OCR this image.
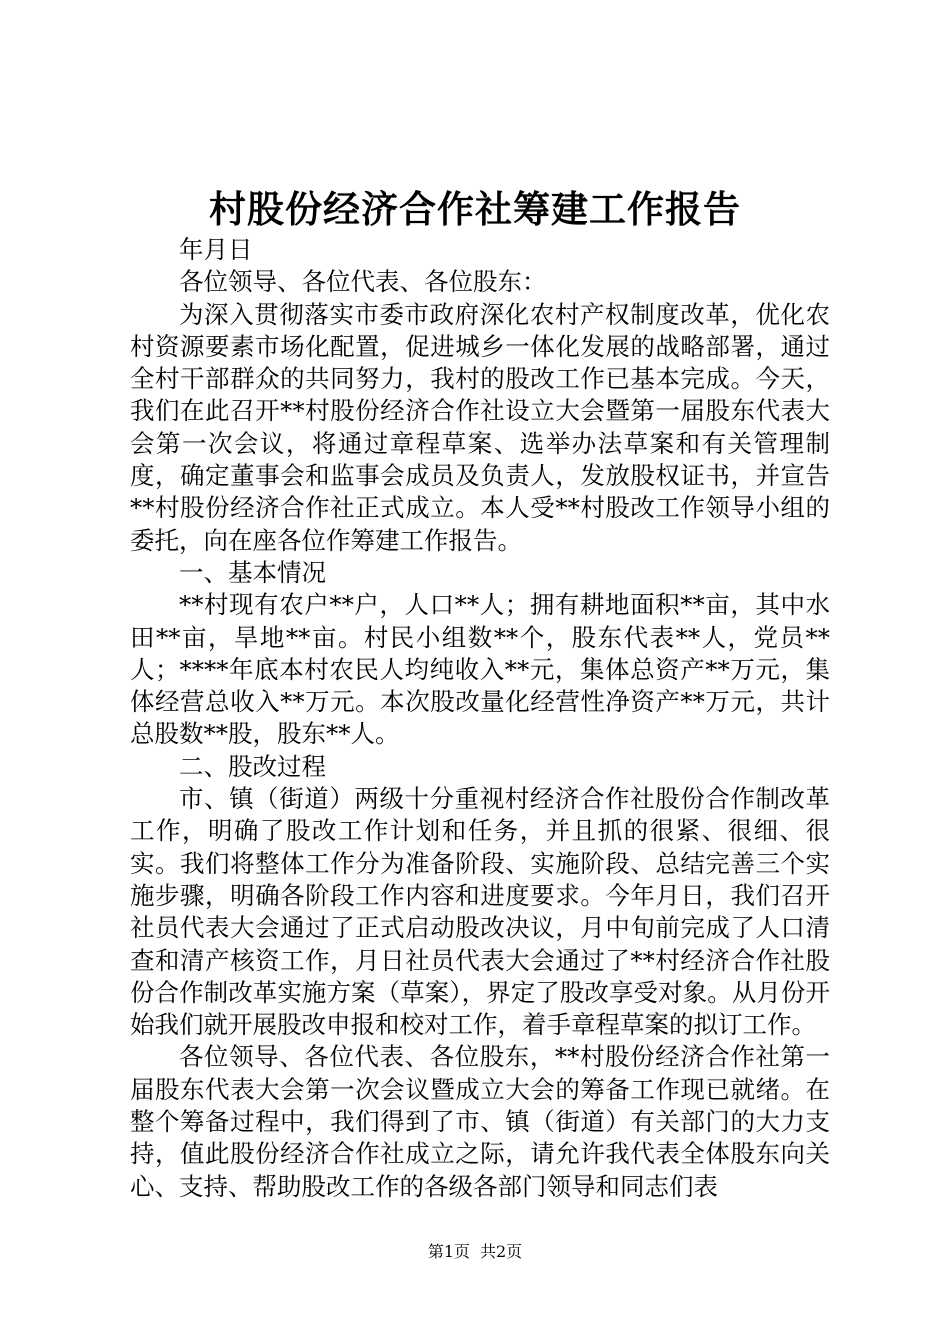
村股份经济合作社筹建工作报告

年月日

各位领导、各位代表、各位股东：

为深入贯彻落实市委市政府深化农村产权制度改革，优化农村资源要素市场化配置，促进城乡一体化发展的战略部署，通过全村干部群众的共同努力，我村的股改工作已基本完成。今天，我们在此召开**村股份经济合作社设立大会暨第一届股东代表大会第一次会议，将通过章程草案、选举办法草案和有关管理制度，确定董事会和监事会成员及负责人，发放股权证书，并宣告**村股份经济合作社正式成立。本人受**村股改工作领导小组的委托，向在座各位作筹建工作报告。

一、基本情况

**村现有农户**户，人口**人；拥有耕地面积**亩，其中水田**亩，旱地**亩。村民小组数**个，股东代表**人，党员**人；****年底本村农民人均纯收入**元，集体总资产**万元，集体经营总收入**万元。本次股改量化经营性净资产**万元，共计总股数**股，股东**人。

二、股改过程

市、镇（街道）两级十分重视村经济合作社股份合作制改革工作，明确了股改工作计划和任务，并且抓的很紧、很细、很实。我们将整体工作分为准备阶段、实施阶段、总结完善三个实施步骤，明确各阶段工作内容和进度要求。今年月日，我们召开社员代表大会通过了正式启动股改决议，月中旬前完成了人口清查和清产核资工作，月日社员代表大会通过了**村经济合作社股份合作制改革实施方案（草案），界定了股改享受对象。从月份开始我们就开展股改申报和校对工作，着手章程草案的拟订工作。

各位领导、各位代表、各位股东，**村股份经济合作社第一届股东代表大会第一次会议暨成立大会的筹备工作现已就绪。在整个筹备过程中，我们得到了市、镇（街道）有关部门的大力支持，值此股份经济合作社成立之际，请允许我代表全体股东向关心、支持、帮助股改工作的各级各部门领导和同志们表

第1页 共2页
